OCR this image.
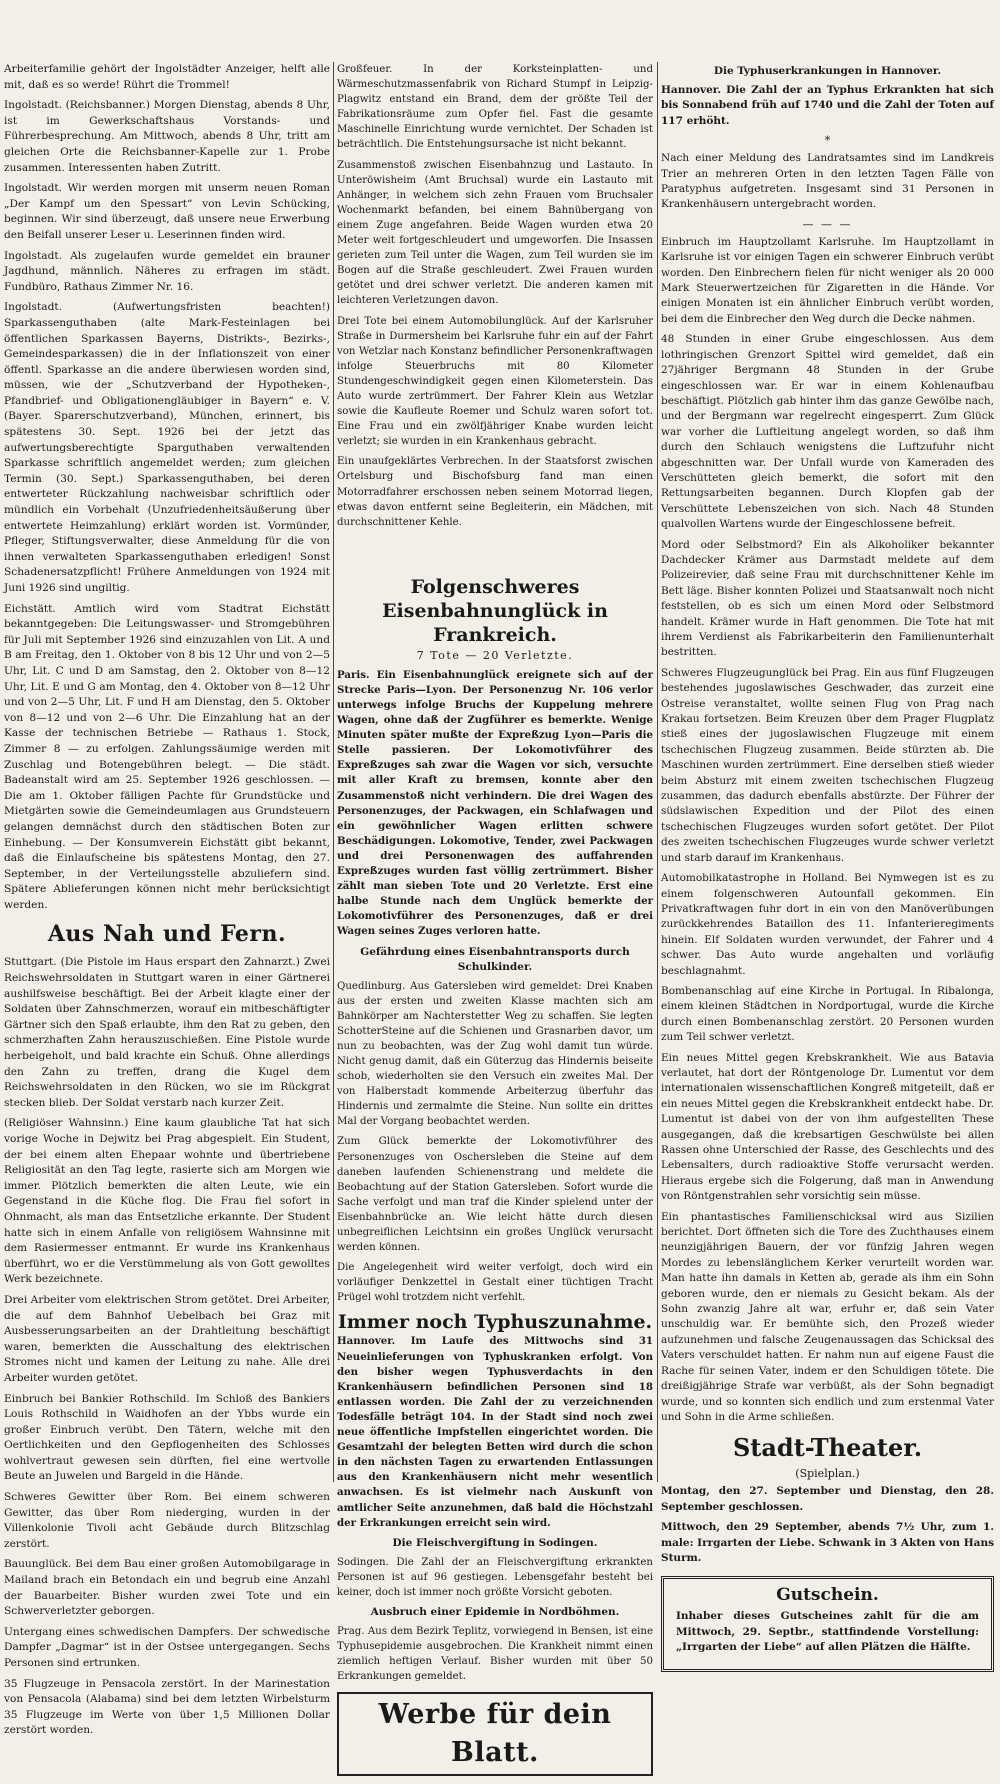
Arbeiterfamilie gehört der Ingolstädter Anzeiger, helft alle mit, daß es so werde! Rührt die Trommel!

Ingolstadt. (Reichsbanner.) Morgen Dienstag, abends 8 Uhr, ist im Gewerkschaftshaus Vorstands- und Führerbesprechung. Am Mittwoch, abends 8 Uhr, tritt am gleichen Orte die Reichsbanner-Kapelle zur 1. Probe zusammen. Interessenten haben Zutritt.

Ingolstadt. Wir werden morgen mit unserm neuen Roman „Der Kampf um den Spessart“ von Levin Schücking, beginnen. Wir sind überzeugt, daß unsere neue Erwerbung den Beifall unserer Leser u. Leserinnen finden wird.

Ingolstadt. Als zugelaufen wurde gemeldet ein brauner Jagdhund, männlich. Näheres zu erfragen im städt. Fundbüro, Rathaus Zimmer Nr. 16.

Ingolstadt. (Aufwertungsfristen beachten!) Sparkassenguthaben (alte Mark-Festeinlagen bei öffentlichen Sparkassen Bayerns, Distrikts-, Bezirks-, Gemeindesparkassen) die in der Inflationszeit von einer öffentl. Sparkasse an die andere überwiesen worden sind, müssen, wie der „Schutzverband der Hypotheken-, Pfandbrief- und Obligationengläubiger in Bayern“ e. V. (Bayer. Sparerschutzverband), München, erinnert, bis spätestens 30. Sept. 1926 bei der jetzt das aufwertungsberechtigte Sparguthaben verwaltenden Sparkasse schriftlich angemeldet werden; zum gleichen Termin (30. Sept.) Sparkassenguthaben, bei deren entwerteter Rückzahlung nachweisbar schriftlich oder mündlich ein Vorbehalt (Unzufriedenheitsäußerung über entwertete Heimzahlung) erklärt worden ist. Vormünder, Pfleger, Stiftungsverwalter, diese Anmeldung für die von ihnen verwalteten Sparkassenguthaben erledigen! Sonst Schadenersatzpflicht! Frühere Anmeldungen von 1924 mit Juni 1926 sind ungiltig.

Eichstätt. Amtlich wird vom Stadtrat Eichstätt bekanntgegeben: Die Leitungswasser- und Stromgebühren für Juli mit September 1926 sind einzuzahlen von Lit. A und B am Freitag, den 1. Oktober von 8 bis 12 Uhr und von 2—5 Uhr, Lit. C und D am Samstag, den 2. Oktober von 8—12 Uhr, Lit. E und G am Montag, den 4. Oktober von 8—12 Uhr und von 2—5 Uhr, Lit. F und H am Dienstag, den 5. Oktober von 8—12 und von 2—6 Uhr. Die Einzahlung hat an der Kasse der technischen Betriebe — Rathaus 1. Stock, Zimmer 8 — zu erfolgen. Zahlungssäumige werden mit Zuschlag und Botengebühren belegt. — Die städt. Badeanstalt wird am 25. September 1926 geschlossen. — Die am 1. Oktober fälligen Pachte für Grundstücke und Mietgärten sowie die Gemeindeumlagen aus Grundsteuern gelangen demnächst durch den städtischen Boten zur Einhebung. — Der Konsumverein Eichstätt gibt bekannt, daß die Einlaufscheine bis spätestens Montag, den 27. September, in der Verteilungsstelle abzuliefern sind. Spätere Ablieferungen können nicht mehr berücksichtigt werden.

Aus Nah und Fern.

Stuttgart. (Die Pistole im Haus erspart den Zahnarzt.) Zwei Reichswehrsoldaten in Stuttgart waren in einer Gärtnerei aushilfsweise beschäftigt. Bei der Arbeit klagte einer der Soldaten über Zahnschmerzen, worauf ein mitbeschäftigter Gärtner sich den Spaß erlaubte, ihm den Rat zu geben, den schmerzhaften Zahn herauszuschießen. Eine Pistole wurde herbeigeholt, und bald krachte ein Schuß. Ohne allerdings den Zahn zu treffen, drang die Kugel dem Reichswehrsoldaten in den Rücken, wo sie im Rückgrat stecken blieb. Der Soldat verstarb nach kurzer Zeit.

(Religiöser Wahnsinn.) Eine kaum glaubliche Tat hat sich vorige Woche in Dejwitz bei Prag abgespielt. Ein Student, der bei einem alten Ehepaar wohnte und übertriebene Religiosität an den Tag legte, rasierte sich am Morgen wie immer. Plötzlich bemerkten die alten Leute, wie ein Gegenstand in die Küche flog. Die Frau fiel sofort in Ohnmacht, als man das Entsetzliche erkannte. Der Student hatte sich in einem Anfalle von religiösem Wahnsinne mit dem Rasiermesser entmannt. Er wurde ins Krankenhaus überführt, wo er die Verstümmelung als von Gott gewolltes Werk bezeichnete.

Drei Arbeiter vom elektrischen Strom getötet. Drei Arbeiter, die auf dem Bahnhof Uebelbach bei Graz mit Ausbesserungsarbeiten an der Drahtleitung beschäftigt waren, bemerkten die Ausschaltung des elektrischen Stromes nicht und kamen der Leitung zu nahe. Alle drei Arbeiter wurden getötet.

Einbruch bei Bankier Rothschild. Im Schloß des Bankiers Louis Rothschild in Waidhofen an der Ybbs wurde ein großer Einbruch verübt. Den Tätern, welche mit den Oertlichkeiten und den Gepflogenheiten des Schlosses wohlvertraut gewesen sein dürften, fiel eine wertvolle Beute an Juwelen und Bargeld in die Hände.

Schweres Gewitter über Rom. Bei einem schweren Gewitter, das über Rom niederging, wurden in der Villenkolonie Tivoli acht Gebäude durch Blitzschlag zerstört.

Bauunglück. Bei dem Bau einer großen Automobilgarage in Mailand brach ein Betondach ein und begrub eine Anzahl der Bauarbeiter. Bisher wurden zwei Tote und ein Schwerverletzter geborgen.

Untergang eines schwedischen Dampfers. Der schwedische Dampfer „Dagmar“ ist in der Ostsee untergegangen. Sechs Personen sind ertrunken.

35 Flugzeuge in Pensacola zerstört. In der Marinestation von Pensacola (Alabama) sind bei dem letzten Wirbelsturm 35 Flugzeuge im Werte von über 1,5 Millionen Dollar zerstört worden.

Großfeuer. In der Korksteinplatten- und Wärmeschutzmassenfabrik von Richard Stumpf in Leipzig-Plagwitz entstand ein Brand, dem der größte Teil der Fabrikationsräume zum Opfer fiel. Fast die gesamte Maschinelle Einrichtung wurde vernichtet. Der Schaden ist beträchtlich. Die Entstehungsursache ist nicht bekannt.

Zusammenstoß zwischen Eisenbahnzug und Lastauto. In Unteröwisheim (Amt Bruchsal) wurde ein Lastauto mit Anhänger, in welchem sich zehn Frauen vom Bruchsaler Wochenmarkt befanden, bei einem Bahnübergang von einem Zuge angefahren. Beide Wagen wurden etwa 20 Meter weit fortgeschleudert und umgeworfen. Die Insassen gerieten zum Teil unter die Wagen, zum Teil wurden sie im Bogen auf die Straße geschleudert. Zwei Frauen wurden getötet und drei schwer verletzt. Die anderen kamen mit leichteren Verletzungen davon.

Drei Tote bei einem Automobilunglück. Auf der Karlsruher Straße in Durmersheim bei Karlsruhe fuhr ein auf der Fahrt von Wetzlar nach Konstanz befindlicher Personenkraftwagen infolge Steuerbruchs mit 80 Kilometer Stundengeschwindigkeit gegen einen Kilometerstein. Das Auto wurde zertrümmert. Der Fahrer Klein aus Wetzlar sowie die Kaufleute Roemer und Schulz waren sofort tot. Eine Frau und ein zwölfjähriger Knabe wurden leicht verletzt; sie wurden in ein Krankenhaus gebracht.

Ein unaufgeklärtes Verbrechen. In der Staatsforst zwischen Ortelsburg und Bischofsburg fand man einen Motorradfahrer erschossen neben seinem Motorrad liegen, etwas davon entfernt seine Begleiterin, ein Mädchen, mit durchschnittener Kehle.

Folgenschweres Eisenbahnunglück in Frankreich.
7 Tote — 20 Verletzte.

Paris. Ein Eisenbahnunglück ereignete sich auf der Strecke Paris—Lyon. Der Personenzug Nr. 106 verlor unterwegs infolge Bruchs der Kuppelung mehrere Wagen, ohne daß der Zugführer es bemerkte. Wenige Minuten später mußte der Expreßzug Lyon—Paris die Stelle passieren. Der Lokomotivführer des Expreßzuges sah zwar die Wagen vor sich, versuchte mit aller Kraft zu bremsen, konnte aber den Zusammenstoß nicht verhindern. Die drei Wagen des Personenzuges, der Packwagen, ein Schlafwagen und ein gewöhnlicher Wagen erlitten schwere Beschädigungen. Lokomotive, Tender, zwei Packwagen und drei Personenwagen des auffahrenden Expreßzuges wurden fast völlig zertrümmert. Bisher zählt man sieben Tote und 20 Verletzte. Erst eine halbe Stunde nach dem Unglück bemerkte der Lokomotivführer des Personenzuges, daß er drei Wagen seines Zuges verloren hatte.

Gefährdung eines Eisenbahntransports durch Schulkinder.

Quedlinburg. Aus Gatersleben wird gemeldet: Drei Knaben aus der ersten und zweiten Klasse machten sich am Bahnkörper am Nachterstetter Weg zu schaffen. Sie legten SchotterSteine auf die Schienen und Grasnarben davor, um nun zu beobachten, was der Zug wohl damit tun würde. Nicht genug damit, daß ein Güterzug das Hindernis beiseite schob, wiederholten sie den Versuch ein zweites Mal. Der von Halberstadt kommende Arbeiterzug überfuhr das Hindernis und zermalmte die Steine. Nun sollte ein drittes Mal der Vorgang beobachtet werden.

Zum Glück bemerkte der Lokomotivführer des Personenzuges von Oschersleben die Steine auf dem daneben laufenden Schienenstrang und meldete die Beobachtung auf der Station Gatersleben. Sofort wurde die Sache verfolgt und man traf die Kinder spielend unter der Eisenbahnbrücke an. Wie leicht hätte durch diesen unbegreiflichen Leichtsinn ein großes Unglück verursacht werden können.

Die Angelegenheit wird weiter verfolgt, doch wird ein vorläufiger Denkzettel in Gestalt einer tüchtigen Tracht Prügel wohl trotzdem nicht verfehlt.

Immer noch Typhuszunahme.

Hannover. Im Laufe des Mittwochs sind 31 Neueinlieferungen von Typhuskranken erfolgt. Von den bisher wegen Typhusverdachts in den Krankenhäusern befindlichen Personen sind 18 entlassen worden. Die Zahl der zu verzeichnenden Todesfälle beträgt 104. In der Stadt sind noch zwei neue öffentliche Impfstellen eingerichtet worden. Die Gesamtzahl der belegten Betten wird durch die schon in den nächsten Tagen zu erwartenden Entlassungen aus den Krankenhäusern nicht mehr wesentlich anwachsen. Es ist vielmehr nach Auskunft von amtlicher Seite anzunehmen, daß bald die Höchstzahl der Erkrankungen erreicht sein wird.

Die Fleischvergiftung in Sodingen.

Sodingen. Die Zahl der an Fleischvergiftung erkrankten Personen ist auf 96 gestiegen. Lebensgefahr besteht bei keiner, doch ist immer noch größte Vorsicht geboten.

Ausbruch einer Epidemie in Nordböhmen.

Prag. Aus dem Bezirk Teplitz, vorwiegend in Bensen, ist eine Typhusepidemie ausgebrochen. Die Krankheit nimmt einen ziemlich heftigen Verlauf. Bisher wurden mit über 50 Erkrankungen gemeldet.

Werbe für dein Blatt.
Die Typhuserkrankungen in Hannover.

Hannover. Die Zahl der an Typhus Erkrankten hat sich bis Sonnabend früh auf 1740 und die Zahl der Toten auf 117 erhöht.

*

Nach einer Meldung des Landratsamtes sind im Landkreis Trier an mehreren Orten in den letzten Tagen Fälle von Paratyphus aufgetreten. Insgesamt sind 31 Personen in Krankenhäusern untergebracht worden.

— — —

Einbruch im Hauptzollamt Karlsruhe. Im Hauptzollamt in Karlsruhe ist vor einigen Tagen ein schwerer Einbruch verübt worden. Den Einbrechern fielen für nicht weniger als 20 000 Mark Steuerwertzeichen für Zigaretten in die Hände. Vor einigen Monaten ist ein ähnlicher Einbruch verübt worden, bei dem die Einbrecher den Weg durch die Decke nahmen.

48 Stunden in einer Grube eingeschlossen. Aus dem lothringischen Grenzort Spittel wird gemeldet, daß ein 27jähriger Bergmann 48 Stunden in der Grube eingeschlossen war. Er war in einem Kohlenaufbau beschäftigt. Plötzlich gab hinter ihm das ganze Gewölbe nach, und der Bergmann war regelrecht eingesperrt. Zum Glück war vorher die Luftleitung angelegt worden, so daß ihm durch den Schlauch wenigstens die Luftzufuhr nicht abgeschnitten war. Der Unfall wurde von Kameraden des Verschütteten gleich bemerkt, die sofort mit den Rettungsarbeiten begannen. Durch Klopfen gab der Verschüttete Lebenszeichen von sich. Nach 48 Stunden qualvollen Wartens wurde der Eingeschlossene befreit.

Mord oder Selbstmord? Ein als Alkoholiker bekannter Dachdecker Krämer aus Darmstadt meldete auf dem Polizeirevier, daß seine Frau mit durchschnittener Kehle im Bett läge. Bisher konnten Polizei und Staatsanwalt noch nicht feststellen, ob es sich um einen Mord oder Selbstmord handelt. Krämer wurde in Haft genommen. Die Tote hat mit ihrem Verdienst als Fabrikarbeiterin den Familienunterhalt bestritten.

Schweres Flugzeugunglück bei Prag. Ein aus fünf Flugzeugen bestehendes jugoslawisches Geschwader, das zurzeit eine Ostreise veranstaltet, wollte seinen Flug von Prag nach Krakau fortsetzen. Beim Kreuzen über dem Prager Flugplatz stieß eines der jugoslawischen Flugzeuge mit einem tschechischen Flugzeug zusammen. Beide stürzten ab. Die Maschinen wurden zertrümmert. Eine derselben stieß wieder beim Absturz mit einem zweiten tschechischen Flugzeug zusammen, das dadurch ebenfalls abstürzte. Der Führer der südslawischen Expedition und der Pilot des einen tschechischen Flugzeuges wurden sofort getötet. Der Pilot des zweiten tschechischen Flugzeuges wurde schwer verletzt und starb darauf im Krankenhaus.

Automobilkatastrophe in Holland. Bei Nymwegen ist es zu einem folgenschweren Autounfall gekommen. Ein Privatkraftwagen fuhr dort in ein von den Manöverübungen zurückkehrendes Bataillon des 11. Infanterieregiments hinein. Elf Soldaten wurden verwundet, der Fahrer und 4 schwer. Das Auto wurde angehalten und vorläufig beschlagnahmt.

Bombenanschlag auf eine Kirche in Portugal. In Ribalonga, einem kleinen Städtchen in Nordportugal, wurde die Kirche durch einen Bombenanschlag zerstört. 20 Personen wurden zum Teil schwer verletzt.

Ein neues Mittel gegen Krebskrankheit. Wie aus Batavia verlautet, hat dort der Röntgenologe Dr. Lumentut vor dem internationalen wissenschaftlichen Kongreß mitgeteilt, daß er ein neues Mittel gegen die Krebskrankheit entdeckt habe. Dr. Lumentut ist dabei von der von ihm aufgestellten These ausgegangen, daß die krebsartigen Geschwülste bei allen Rassen ohne Unterschied der Rasse, des Geschlechts und des Lebensalters, durch radioaktive Stoffe verursacht werden. Hieraus ergebe sich die Folgerung, daß man in Anwendung von Röntgenstrahlen sehr vorsichtig sein müsse.

Ein phantastisches Familienschicksal wird aus Sizilien berichtet. Dort öffneten sich die Tore des Zuchthauses einem neunzigjährigen Bauern, der vor fünfzig Jahren wegen Mordes zu lebenslänglichem Kerker verurteilt worden war. Man hatte ihn damals in Ketten ab, gerade als ihm ein Sohn geboren wurde, den er niemals zu Gesicht bekam. Als der Sohn zwanzig Jahre alt war, erfuhr er, daß sein Vater unschuldig war. Er bemühte sich, den Prozeß wieder aufzunehmen und falsche Zeugenaussagen das Schicksal des Vaters verschuldet hatten. Er nahm nun auf eigene Faust die Rache für seinen Vater, indem er den Schuldigen tötete. Die dreißigjährige Strafe war verbüßt, als der Sohn begnadigt wurde, und so konnten sich endlich und zum erstenmal Vater und Sohn in die Arme schließen.

Stadt-Theater.
(Spielplan.)

Montag, den 27. September und Dienstag, den 28. September geschlossen.

Mittwoch, den 29 September, abends 7½ Uhr, zum 1. male: Irrgarten der Liebe. Schwank in 3 Akten von Hans Sturm.

Gutschein.

Inhaber dieses Gutscheines zahlt für die am Mittwoch, 29. Septbr., stattfindende Vorstellung: „Irrgarten der Liebe“ auf allen Plätzen die Hälfte.
